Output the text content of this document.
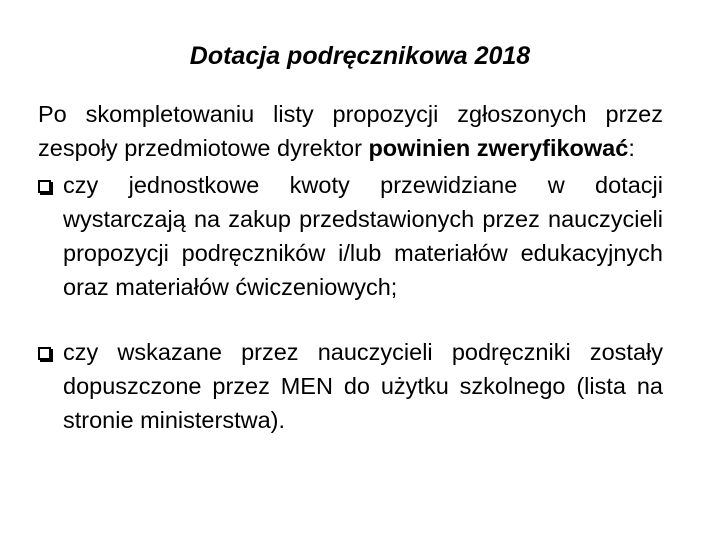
Dotacja podręcznikowa 2018

Po skompletowaniu listy propozycji zgłoszonych przez zespoły przedmiotowe dyrektor powinien zweryfikować:

czy jednostkowe kwoty przewidziane w dotacji wystarczają na zakup przedstawionych przez nauczycieli propozycji podręczników i/lub materiałów edukacyjnych oraz materiałów ćwiczeniowych;

czy wskazane przez nauczycieli podręczniki zostały dopuszczone przez MEN do użytku szkolnego (lista na stronie ministerstwa).
